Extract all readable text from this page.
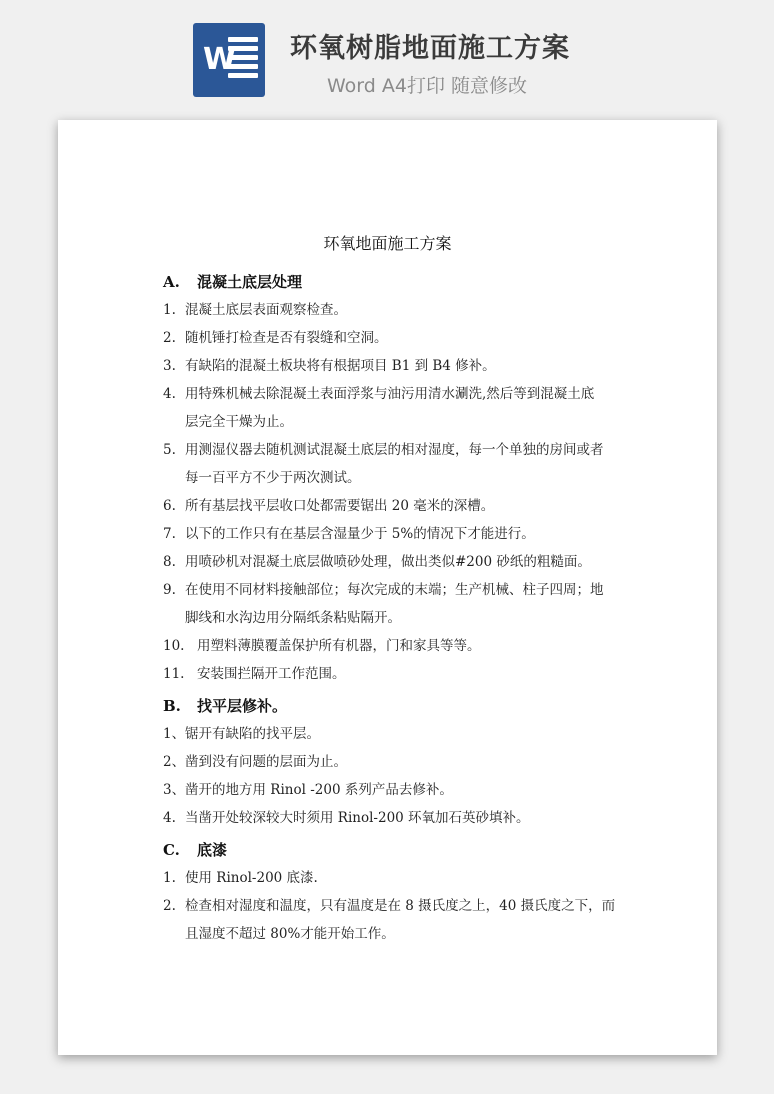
W 环氧树脂地面施工方案
Word A4打印 随意修改
环氧地面施工方案
A. 混凝土底层处理
1. 混凝土底层表面观察检查。
2. 随机锤打检查是否有裂缝和空洞。
3. 有缺陷的混凝土板块将有根据项目 B1 到 B4 修补。
4. 用特殊机械去除混凝土表面浮浆与油污用清水涮洗,然后等到混凝土底
层完全干燥为止。
5. 用测湿仪器去随机测试混凝土底层的相对湿度，每一个单独的房间或者
每一百平方不少于两次测试。
6. 所有基层找平层收口处都需要锯出 20 毫米的深槽。
7. 以下的工作只有在基层含湿量少于 5%的情况下才能进行。
8. 用喷砂机对混凝土底层做喷砂处理，做出类似#200 砂纸的粗糙面。
9. 在使用不同材料接触部位；每次完成的末端；生产机械、柱子四周；地
脚线和水沟边用分隔纸条粘贴隔开。
10. 用塑料薄膜覆盖保护所有机器，门和家具等等。
11. 安装围拦隔开工作范围。
B. 找平层修补。
1、锯开有缺陷的找平层。
2、凿到没有问题的层面为止。
3、凿开的地方用 Rinol -200 系列产品去修补。
4. 当凿开处较深较大时须用 Rinol-200 环氧加石英砂填补。
C. 底漆
1. 使用 Rinol-200 底漆.
2. 检查相对湿度和温度，只有温度是在 8 摄氏度之上，40 摄氏度之下，而
且湿度不超过 80%才能开始工作。
